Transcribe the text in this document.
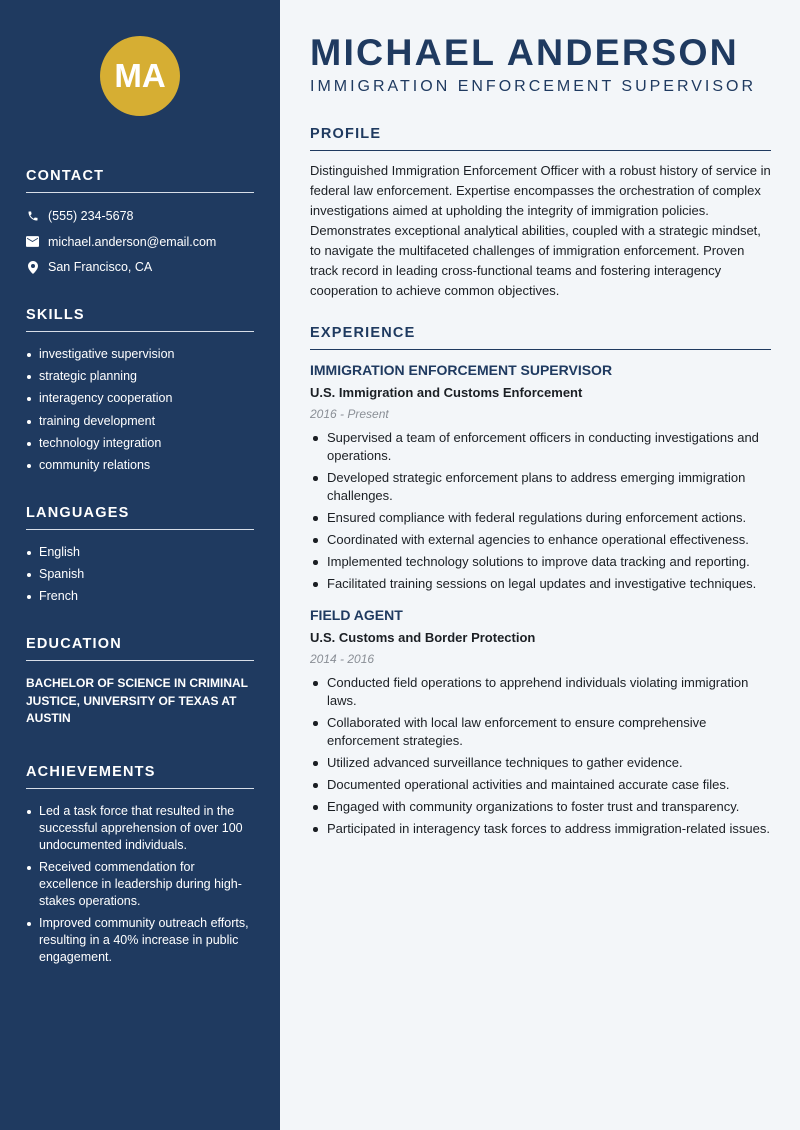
MA
CONTACT
(555) 234-5678
michael.anderson@email.com
San Francisco, CA
SKILLS
investigative supervision
strategic planning
interagency cooperation
training development
technology integration
community relations
LANGUAGES
English
Spanish
French
EDUCATION
BACHELOR OF SCIENCE IN CRIMINAL JUSTICE, UNIVERSITY OF TEXAS AT AUSTIN
ACHIEVEMENTS
Led a task force that resulted in the successful apprehension of over 100 undocumented individuals.
Received commendation for excellence in leadership during high-stakes operations.
Improved community outreach efforts, resulting in a 40% increase in public engagement.
MICHAEL ANDERSON
IMMIGRATION ENFORCEMENT SUPERVISOR
PROFILE

Distinguished Immigration Enforcement Officer with a robust history of service in federal law enforcement. Expertise encompasses the orchestration of complex investigations aimed at upholding the integrity of immigration policies. Demonstrates exceptional analytical abilities, coupled with a strategic mindset, to navigate the multifaceted challenges of immigration enforcement. Proven track record in leading cross-functional teams and fostering interagency cooperation to achieve common objectives.

EXPERIENCE
IMMIGRATION ENFORCEMENT SUPERVISOR
U.S. Immigration and Customs Enforcement
2016 - Present
Supervised a team of enforcement officers in conducting investigations and operations.
Developed strategic enforcement plans to address emerging immigration challenges.
Ensured compliance with federal regulations during enforcement actions.
Coordinated with external agencies to enhance operational effectiveness.
Implemented technology solutions to improve data tracking and reporting.
Facilitated training sessions on legal updates and investigative techniques.
FIELD AGENT
U.S. Customs and Border Protection
2014 - 2016
Conducted field operations to apprehend individuals violating immigration laws.
Collaborated with local law enforcement to ensure comprehensive enforcement strategies.
Utilized advanced surveillance techniques to gather evidence.
Documented operational activities and maintained accurate case files.
Engaged with community organizations to foster trust and transparency.
Participated in interagency task forces to address immigration-related issues.
